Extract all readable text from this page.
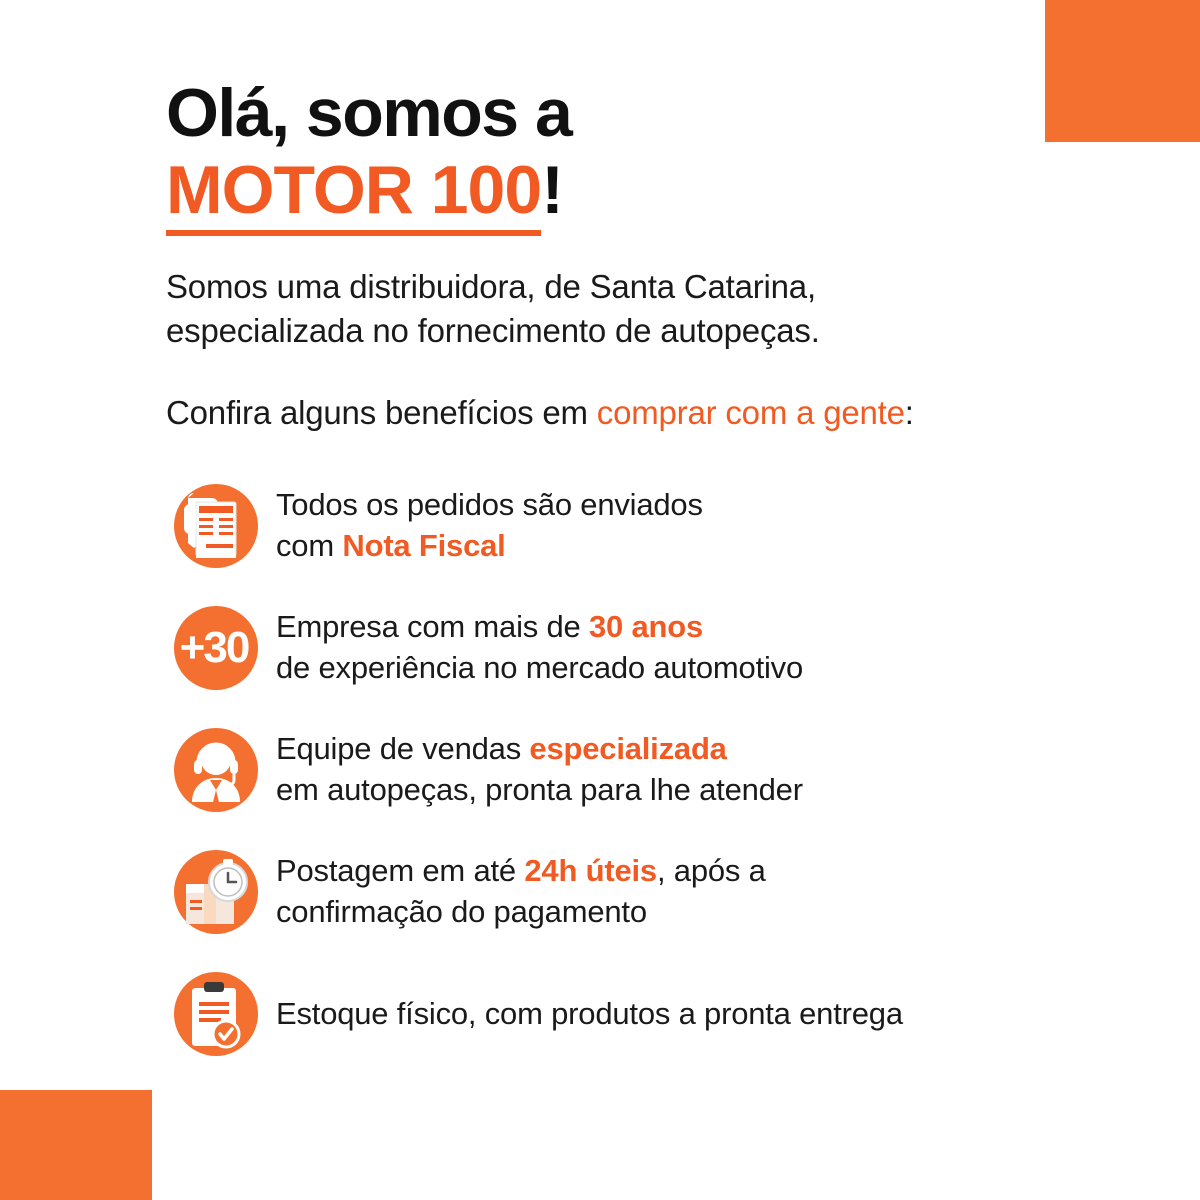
Olá, somos a
MOTOR 100!

Somos uma distribuidora, de Santa Catarina,
especializada no fornecimento de autopeças.

Confira alguns benefícios em comprar com a gente:

Todos os pedidos são enviados
com Nota Fiscal
+30 Empresa com mais de 30 anos
de experiência no mercado automotivo
Equipe de vendas especializada
em autopeças, pronta para lhe atender
Postagem em até 24h úteis, após a
confirmação do pagamento
Estoque físico, com produtos a pronta entrega
